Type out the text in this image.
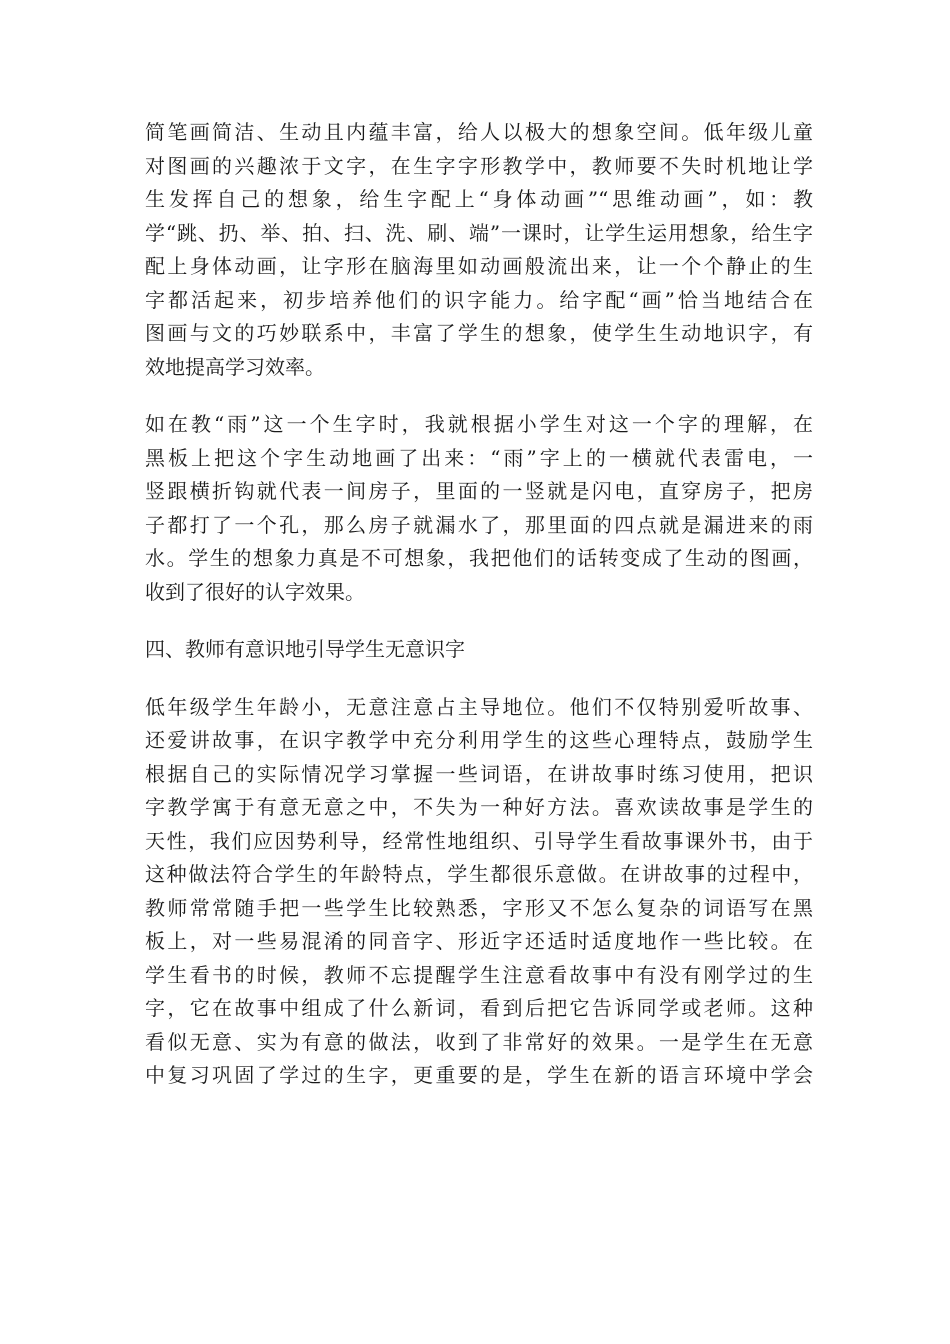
简笔画简洁、生动且内蕴丰富，给人以极大的想象空间。低年级儿童
对图画的兴趣浓于文字，在生字字形教学中，教师要不失时机地让学
生发挥自己的想象，给生字配上“身体动画”“思维动画”，如：教
学“跳、扔、举、拍、扫、洗、刷、端”一课时，让学生运用想象，给生字
配上身体动画，让字形在脑海里如动画般流出来，让一个个静止的生
字都活起来，初步培养他们的识字能力。给字配“画”恰当地结合在
图画与文的巧妙联系中，丰富了学生的想象，使学生生动地识字，有
效地提高学习效率。

如在教“雨”这一个生字时，我就根据小学生对这一个字的理解，在
黑板上把这个字生动地画了出来：“雨”字上的一横就代表雷电，一
竖跟横折钩就代表一间房子，里面的一竖就是闪电，直穿房子，把房
子都打了一个孔，那么房子就漏水了，那里面的四点就是漏进来的雨
水。学生的想象力真是不可想象，我把他们的话转变成了生动的图画，
收到了很好的认字效果。

四、教师有意识地引导学生无意识字

低年级学生年龄小，无意注意占主导地位。他们不仅特别爱听故事、
还爱讲故事，在识字教学中充分利用学生的这些心理特点，鼓励学生
根据自己的实际情况学习掌握一些词语，在讲故事时练习使用，把识
字教学寓于有意无意之中，不失为一种好方法。喜欢读故事是学生的
天性，我们应因势利导，经常性地组织、引导学生看故事课外书，由于
这种做法符合学生的年龄特点，学生都很乐意做。在讲故事的过程中，
教师常常随手把一些学生比较熟悉，字形又不怎么复杂的词语写在黑
板上，对一些易混淆的同音字、形近字还适时适度地作一些比较。在
学生看书的时候，教师不忘提醒学生注意看故事中有没有刚学过的生
字，它在故事中组成了什么新词，看到后把它告诉同学或老师。这种
看似无意、实为有意的做法，收到了非常好的效果。一是学生在无意
中复习巩固了学过的生字，更重要的是，学生在新的语言环境中学会
